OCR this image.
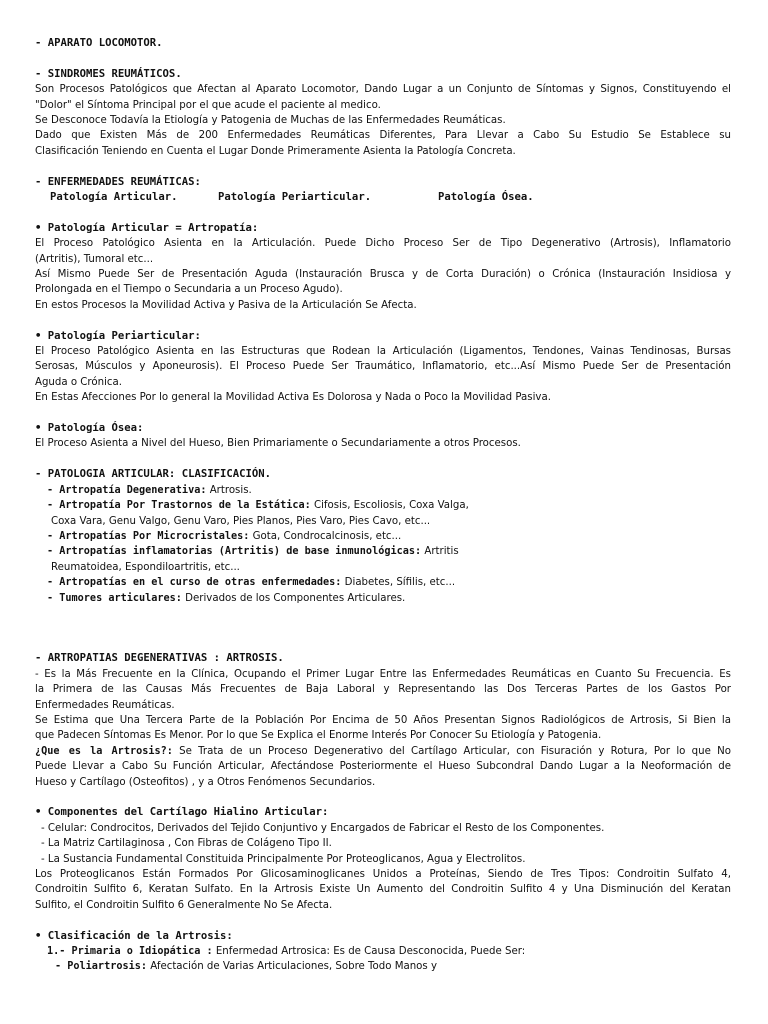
- APARATO LOCOMOTOR.
- SINDROMES REUMÁTICOS.
Son Procesos Patológicos que Afectan al Aparato Locomotor, Dando Lugar a un Conjunto de Síntomas y Signos, Constituyendo el
"Dolor" el Síntoma Principal por el que acude el paciente al medico.
Se Desconoce Todavía la Etiología y Patogenia de Muchas de las Enfermedades Reumáticas.
Dado que Existen Más de 200 Enfermedades Reumáticas Diferentes, Para Llevar a Cabo Su Estudio Se Establece su
Clasificación Teniendo en Cuenta el Lugar Donde Primeramente Asienta la Patología Concreta.
- ENFERMEDADES REUMÁTICAS:
Patología Articular.	Patología Periarticular.	Patología Ósea.
• Patología Articular = Artropatía:
El Proceso Patológico Asienta en la Articulación. Puede Dicho Proceso Ser de Tipo Degenerativo (Artrosis), Inflamatorio
(Artritis), Tumoral etc...
Así Mismo Puede Ser de Presentación Aguda (Instauración Brusca y de Corta Duración) o Crónica (Instauración Insidiosa y
Prolongada en el Tiempo o Secundaria a un Proceso Agudo).
En estos Procesos la Movilidad Activa y Pasiva de la Articulación Se Afecta.
• Patología Periarticular:
El Proceso Patológico Asienta en las Estructuras que Rodean la Articulación (Ligamentos, Tendones, Vainas Tendinosas, Bursas
Serosas, Músculos y Aponeurosis). El Proceso Puede Ser Traumático, Inflamatorio, etc...Así Mismo Puede Ser de Presentación
Aguda o Crónica.
En Estas Afecciones Por lo general la Movilidad Activa Es Dolorosa y Nada o Poco la Movilidad Pasiva.
• Patología Ósea:
El Proceso Asienta a Nivel del Hueso, Bien Primariamente o Secundariamente a otros Procesos.
- PATOLOGIA ARTICULAR: CLASIFICACIÓN.
- Artropatía Degenerativa: Artrosis.
- Artropatía Por Trastornos de la Estática: Cifosis, Escoliosis, Coxa Valga,
Coxa Vara, Genu Valgo, Genu Varo, Pies Planos, Pies Varo, Pies Cavo, etc...
- Artropatías Por Microcristales: Gota, Condrocalcinosis, etc...
- Artropatías inflamatorias (Artritis) de base inmunológicas: Artritis
Reumatoidea, Espondiloartritis, etc...
- Artropatías en el curso de otras enfermedades: Diabetes, Sífilis, etc...
- Tumores articulares: Derivados de los Componentes Articulares.
- ARTROPATIAS DEGENERATIVAS : ARTROSIS.
- Es la Más Frecuente en la Clínica, Ocupando el Primer Lugar Entre las Enfermedades Reumáticas en Cuanto Su Frecuencia. Es
la Primera de las Causas Más Frecuentes de Baja Laboral y Representando las Dos Terceras Partes de los Gastos Por
Enfermedades Reumáticas.
Se Estima que Una Tercera Parte de la Población Por Encima de 50 Años Presentan Signos Radiológicos de Artrosis, Si Bien la
que Padecen Síntomas Es Menor. Por lo que Se Explica el Enorme Interés Por Conocer Su Etiología y Patogenia.
¿Que es la Artrosis?: Se Trata de un Proceso Degenerativo del Cartílago Articular, con Fisuración y Rotura, Por lo que No
Puede Llevar a Cabo Su Función Articular, Afectándose Posteriormente el Hueso Subcondral Dando Lugar a la Neoformación de
Hueso y Cartílago (Osteofitos) , y a Otros Fenómenos Secundarios.
• Componentes del Cartílago Hialino Articular:
- Celular: Condrocitos, Derivados del Tejido Conjuntivo y Encargados de Fabricar el Resto de los Componentes.
- La Matriz Cartilaginosa , Con Fibras de Colágeno Tipo II.
- La Sustancia Fundamental Constituida Principalmente Por Proteoglicanos, Agua y Electrolitos.
Los Proteoglicanos Están Formados Por Glicosaminoglicanes Unidos a Proteínas, Siendo de Tres Tipos: Condroitin Sulfato 4,
Condroitin Sulfito 6, Keratan Sulfato. En la Artrosis Existe Un Aumento del Condroitin Sulfito 4 y Una Disminución del Keratan
Sulfito, el Condroitin Sulfito 6 Generalmente No Se Afecta.
• Clasificación de la Artrosis:
1.- Primaria o Idiopática : Enfermedad Artrosica: Es de Causa Desconocida, Puede Ser:
- Poliartrosis: Afectación de Varias Articulaciones, Sobre Todo Manos y
